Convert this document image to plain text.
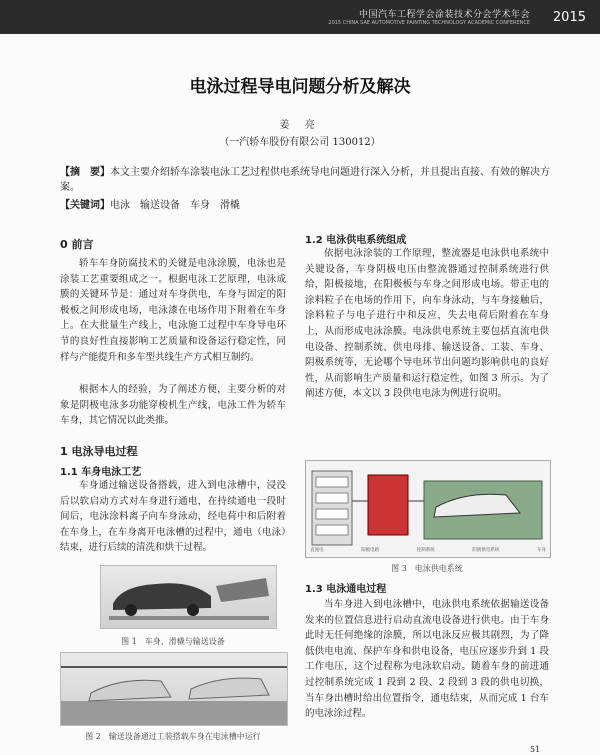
中国汽车工程学会涂装技术分会学术年会
2015 CHINA SAE AUTOMOTIVE PAINTING TECHNOLOGY ACADEMIC CONFERENCE 2015
电泳过程导电问题分析及解决
姜 亮
（一汽轿车股份有限公司 130012）
【摘　要】本文主要介绍轿车涂装电泳工艺过程供电系统导电问题进行深入分析，并且提出直接、有效的解决方案。
【关键词】电泳　输送设备　车身　滑橇
0 前言

轿车车身防腐技术的关键是电泳涂膜，电泳也是涂装工艺重要组成之一。根据电泳工艺原理，电泳成膜的关键环节是：通过对车身供电，车身与固定的阳极板之间形成电场，电泳漆在电场作用下附着在车身上。在大批量生产线上，电泳施工过程中车身导电环节的良好性直接影响工艺质量和设备运行稳定性，同样与产能提升和多车型共线生产方式相互制约。

根据本人的经验，为了阐述方便，主要分析的对象是阴极电泳多功能穿梭机生产线，电泳工件为轿车车身，其它情况以此类推。

1 电泳导电过程
1.1 车身电泳工艺

车身通过输送设备搭载，进入到电泳槽中，浸没后以软启动方式对车身进行通电，在持续通电一段时间后，电泳涂料离子向车身泳动，经电荷中和后附着在车身上，在车身离开电泳槽的过程中，通电（电泳）结束，进行后续的清洗和烘干过程。

图 1　车身、滑橇与输送设备
图 2　输送设备通过工装搭载车身在电泳槽中运行
1.2 电泳供电系统组成

依据电泳涂装的工作原理，整流器是电泳供电系统中关键设备，车身阴极电压由整流器通过控制系统进行供给，阳极接地，在阳极板与车身之间形成电场。带正电的涂料粒子在电场的作用下，向车身泳动，与车身接触后，涂料粒子与电子进行中和反应，失去电荷后附着在车身上，从而形成电泳涂膜。电泳供电系统主要包括直流电供电设备、控制系统、供电母排、输送设备、工装、车身、阴极系统等，无论哪个导电环节出问题均影响供电的良好性，从而影响生产质量和运行稳定性，如图 3 所示。为了阐述方便，本文以 3 段供电电泳为例进行说明。

直流电	阳极电路	控制系统	阴极供电系统	车身
图 3　电泳供电系统
1.3 电泳通电过程

当车身进入到电泳槽中，电泳供电系统依据输送设备发来的位置信息进行启动直流电设备进行供电。由于车身此时无任何绝缘的涂膜，所以电泳反应极其剧烈，为了降低供电电流、保护车身和供电设备，电压应逐步升到 1 段工作电压，这个过程称为电泳软启动。随着车身的前进通过控制系统完成 1 段到 2 段、2 段到 3 段的供电切换，当车身出槽时给出位置指令，通电结束，从而完成 1 台车的电泳涂过程。

51
